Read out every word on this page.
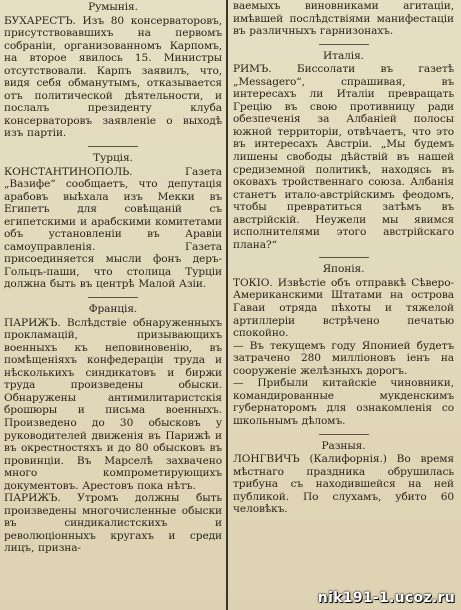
Румынія.

БУХАРЕСТЪ. Изъ 80 консерваторовъ, присутствовавшихъ на первомъ собраніи, организованномъ Карпомъ, на второе явилось 15. Министры отсутствовали. Карпъ заявилъ, что, видя себя обманутымъ, отказывается отъ политической дѣятельности, и послалъ президенту клуба консерваторовъ заявленіе о выходѣ изъ партіи.

Турція.

КОНСТАНТИНОПОЛЬ. Газета „Вазифе“ сообщаетъ, что депутація арабовъ выѣхала изъ Мекки въ Египетъ для совѣщаній съ египетскими и арабскими комитетами объ установленіи въ Аравіи самоуправленія. Газета присоединяется мысли фонъ деръ-Гольцъ-паши, что столица Турціи должна быть въ центрѣ Малой Азіи.

Франція.

ПАРИЖЪ. Вслѣдствіе обнаруженныхъ прокламацій, призывающихъ военныхъ къ неповиновенію, въ помѣщеніяхъ конфедераціи труда и нѣсколькихъ синдикатовъ и биржи труда произведены обыски. Обнаружены антимилитаристскія брошюры и письма военныхъ. Произведено до 30 обысковъ у руководителей движенія въ Парижѣ и въ окрестностяхъ и до 80 обысковъ въ провинціи. Въ Марселѣ захвачено много компрометирующихъ документовъ. Арестовъ пока нѣтъ.

ПАРИЖЪ. Утромъ должны быть произведены многочисленные обыски въ синдикалистскихъ и революціонныхъ кругахъ и среди лицъ, призна-

ваемыхъ виновниками агитаціи, имѣвшей послѣдствіями манифестаціи въ различныхъ гарнизонахъ.

Италія.

РИМЪ. Биссолати въ газетѣ „Messagero“, спрашивая, въ интересахъ ли Италіи превращать Грецію въ свою противницу ради обезпеченія за Албаніей полосы южной территоріи, отвѣчаетъ, что это въ интересахъ Австріи. „Мы будемъ лишены свободы дѣйствій въ нашей средиземной политикѣ, находясь въ оковахъ тройственнаго союза. Албанія станетъ итало-австрійскимъ феодомъ, чтобы превратиться затѣмъ въ австрійскій. Неужели мы явимся исполнителями этого австрійскаго плана?“

Японія.

ТОКІО. Извѣстіе объ отправкѣ Сѣверо-Американскими Штатами на острова Гаваи отряда пѣхоты и тяжелой артиллеріи встрѣчено печатью спокойно.

— Въ текущемъ году Японией будетъ затрачено 280 милліоновъ іенъ на сооруженіе желѣзныхъ дорогъ.

— Прибыли китайскіе чиновники, командированные мукденскимъ губернаторомъ для ознакомленія со школьнымъ дѣломъ.

Разныя.

ЛОНГВИЧЪ (Калифорнія.) Во время мѣстнаго праздника обрушилась трибуна съ находившейся на ней публикой. По слухамъ, убито 60 человѣкъ.

nik191-1.ucoz.ru
